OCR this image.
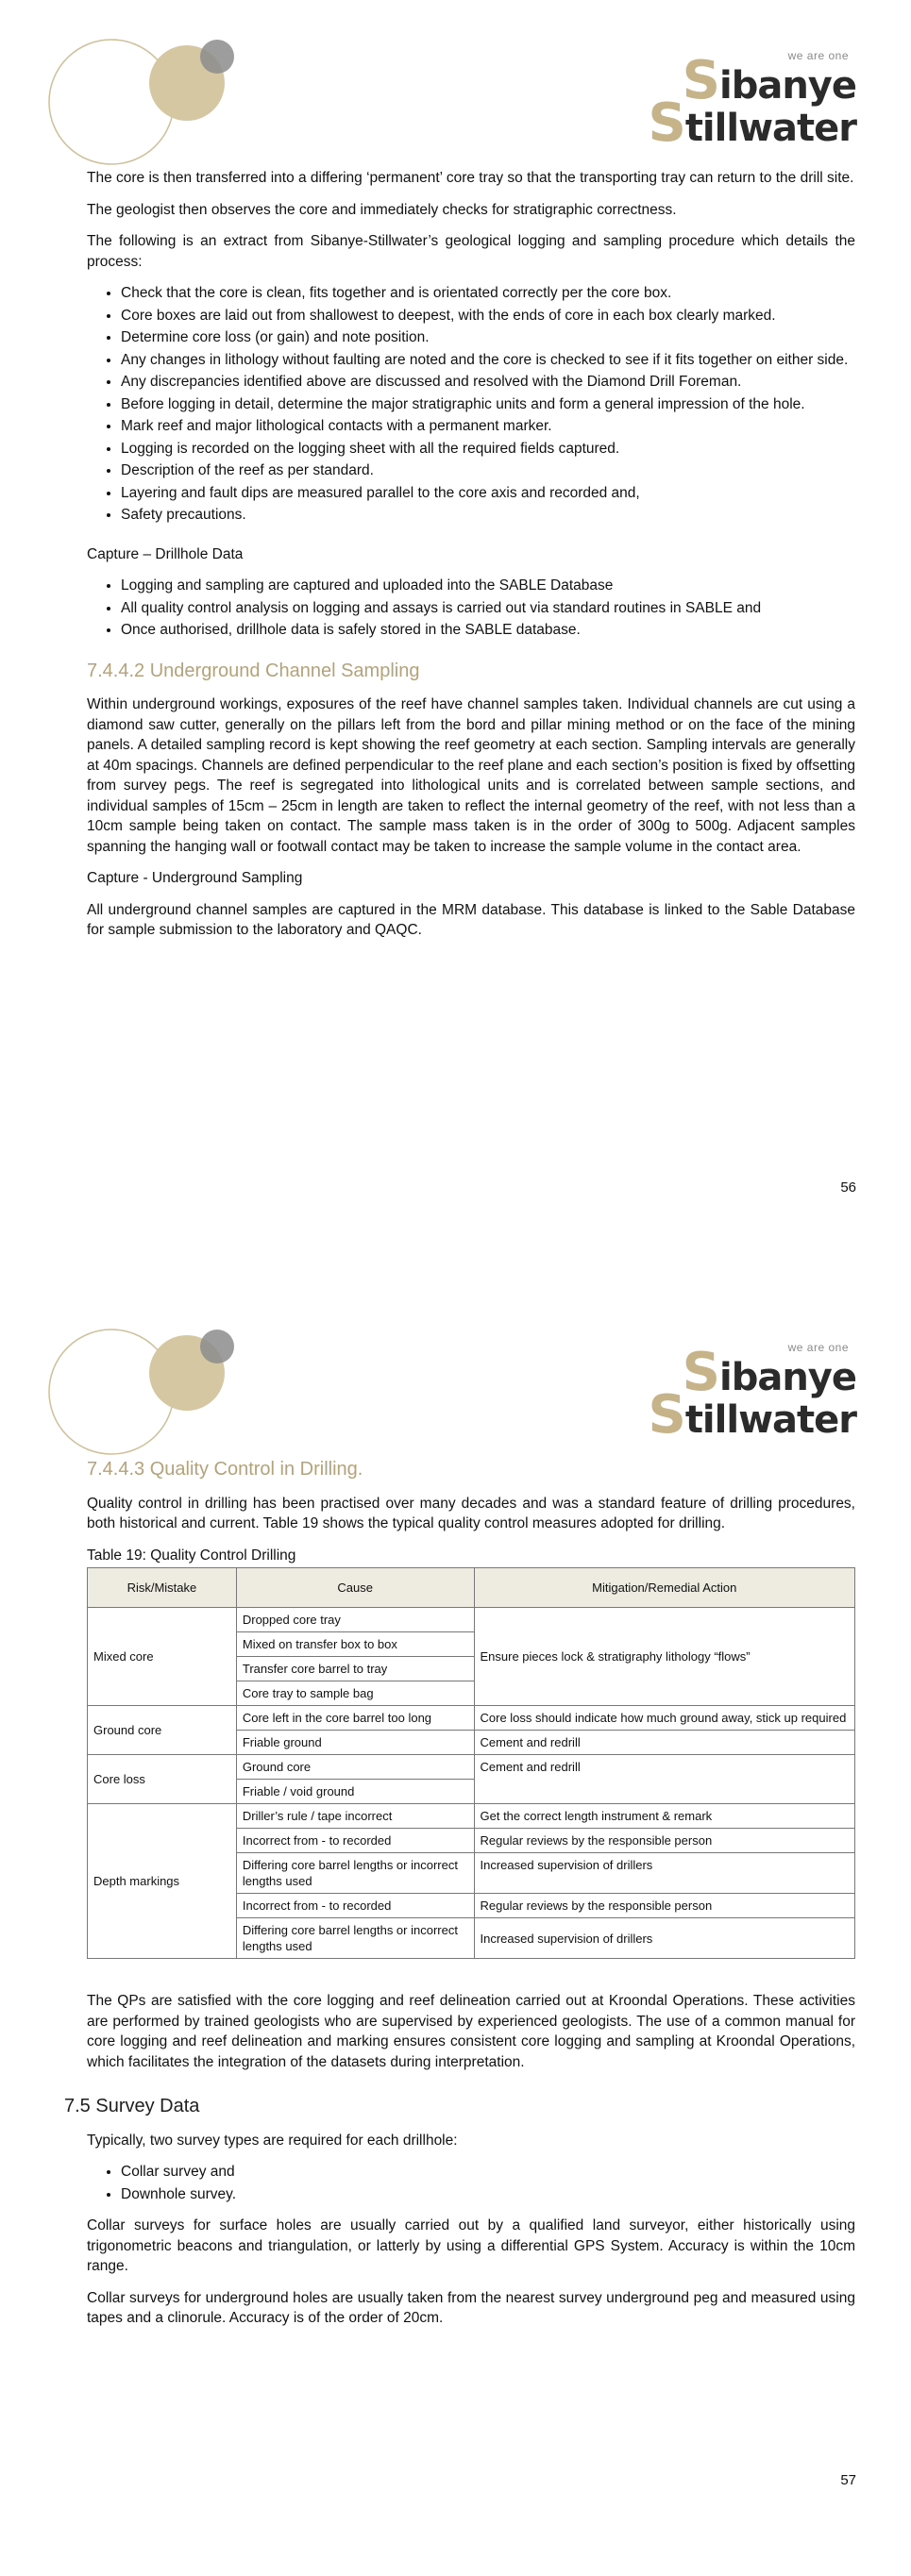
we are one
Sibanye
Stillwater

The core is then transferred into a differing ‘permanent’ core tray so that the transporting tray can return to the drill site.

The geologist then observes the core and immediately checks for stratigraphic correctness.

The following is an extract from Sibanye-Stillwater’s geological logging and sampling procedure which details the process:

• Check that the core is clean, fits together and is orientated correctly per the core box.
• Core boxes are laid out from shallowest to deepest, with the ends of core in each box clearly marked.
• Determine core loss (or gain) and note position.
• Any changes in lithology without faulting are noted and the core is checked to see if it fits together on either side.
• Any discrepancies identified above are discussed and resolved with the Diamond Drill Foreman.
• Before logging in detail, determine the major stratigraphic units and form a general impression of the hole.
• Mark reef and major lithological contacts with a permanent marker.
• Logging is recorded on the logging sheet with all the required fields captured.
• Description of the reef as per standard.
• Layering and fault dips are measured parallel to the core axis and recorded and,
• Safety precautions.

Capture – Drillhole Data

• Logging and sampling are captured and uploaded into the SABLE Database
• All quality control analysis on logging and assays is carried out via standard routines in SABLE and
• Once authorised, drillhole data is safely stored in the SABLE database.
7.4.4.2 Underground Channel Sampling

Within underground workings, exposures of the reef have channel samples taken. Individual channels are cut using a diamond saw cutter, generally on the pillars left from the bord and pillar mining method or on the face of the mining panels. A detailed sampling record is kept showing the reef geometry at each section. Sampling intervals are generally at 40m spacings. Channels are defined perpendicular to the reef plane and each section’s position is fixed by offsetting from survey pegs. The reef is segregated into lithological units and is correlated between sample sections, and individual samples of 15cm – 25cm in length are taken to reflect the internal geometry of the reef, with not less than a 10cm sample being taken on contact. The sample mass taken is in the order of 300g to 500g. Adjacent samples spanning the hanging wall or footwall contact may be taken to increase the sample volume in the contact area.

Capture - Underground Sampling

All underground channel samples are captured in the MRM database. This database is linked to the Sable Database for sample submission to the laboratory and QAQC.

56
we are one
Sibanye
Stillwater
7.4.4.3 Quality Control in Drilling.

Quality control in drilling has been practised over many decades and was a standard feature of drilling procedures, both historical and current. Table 19 shows the typical quality control measures adopted for drilling.

Table 19: Quality Control Drilling

Risk/Mistake	Cause	Mitigation/Remedial Action
Mixed core	Dropped core tray	Ensure pieces lock & stratigraphy lithology “flows”
	Mixed on transfer box to box	
	Transfer core barrel to tray	
	Core tray to sample bag	
Ground core	Core left in the core barrel too long	Core loss should indicate how much ground away, stick up required
	Friable ground	Cement and redrill
Core loss	Ground core	Cement and redrill
	Friable / void ground	
Depth markings	Driller’s rule / tape incorrect	Get the correct length instrument & remark
	Incorrect from - to recorded	Regular reviews by the responsible person
	Differing core barrel lengths or incorrect lengths used	Increased supervision of drillers
	Incorrect from - to recorded	Regular reviews by the responsible person
	Differing core barrel lengths or incorrect lengths used	Increased supervision of drillers

The QPs are satisfied with the core logging and reef delineation carried out at Kroondal Operations. These activities are performed by trained geologists who are supervised by experienced geologists. The use of a common manual for core logging and reef delineation and marking ensures consistent core logging and sampling at Kroondal Operations, which facilitates the integration of the datasets during interpretation.

7.5 Survey Data

Typically, two survey types are required for each drillhole:

• Collar survey and
• Downhole survey.

Collar surveys for surface holes are usually carried out by a qualified land surveyor, either historically using trigonometric beacons and triangulation, or latterly by using a differential GPS System. Accuracy is within the 10cm range.

Collar surveys for underground holes are usually taken from the nearest survey underground peg and measured using tapes and a clinorule. Accuracy is of the order of 20cm.

57
